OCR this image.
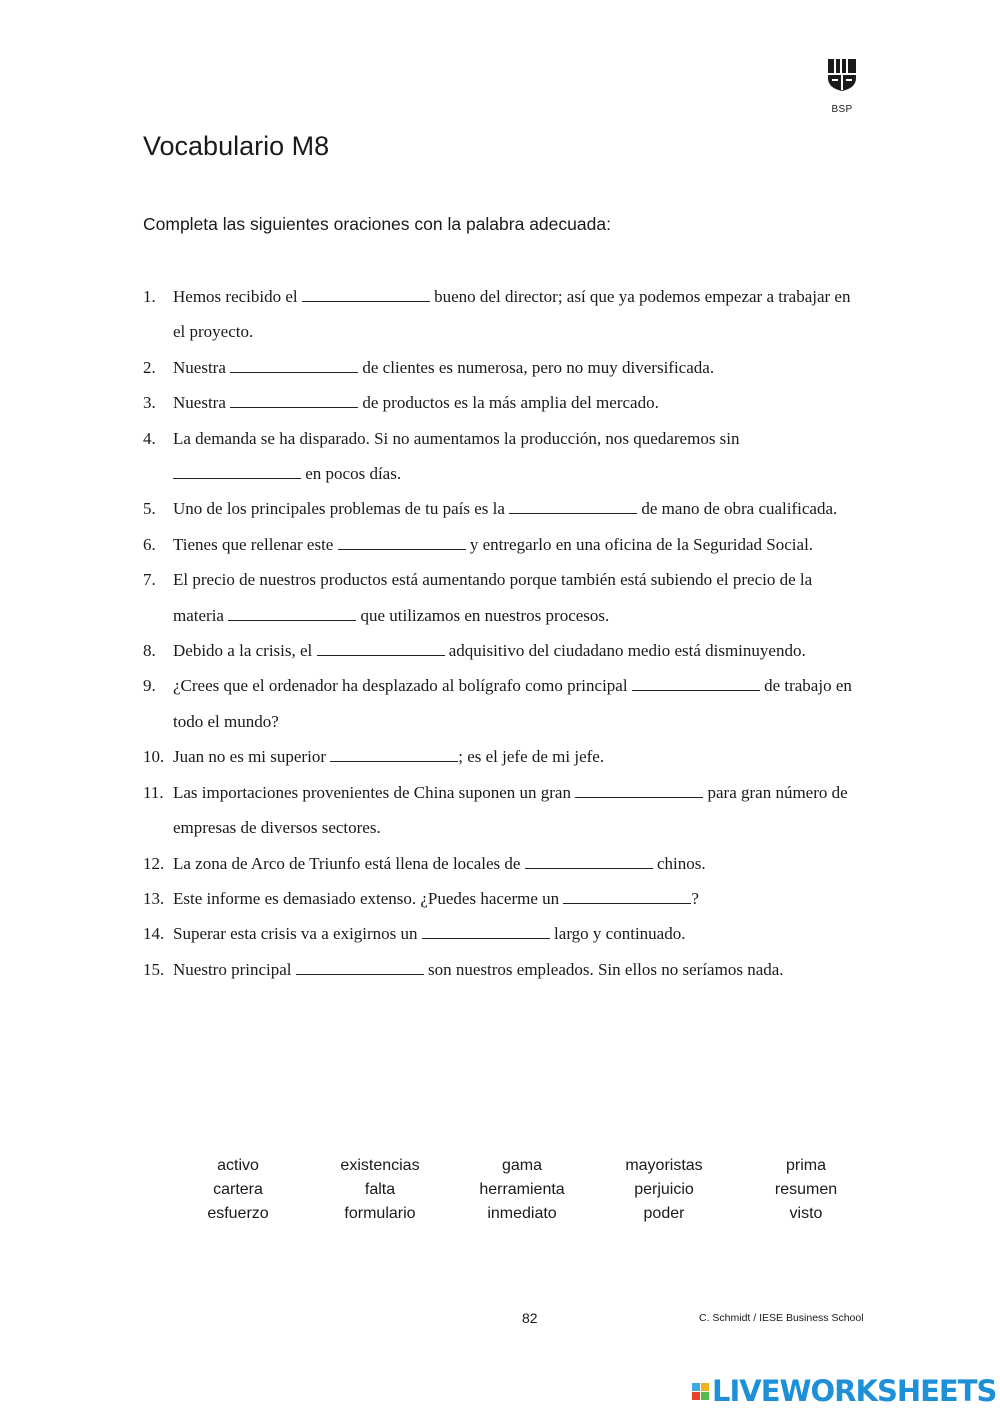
BSP
Vocabulario M8
Completa las siguientes oraciones con la palabra adecuada:
1.	Hemos recibido el	bueno del director; así que ya podemos empezar a trabajar en el proyecto.
2.	Nuestra	de clientes es numerosa, pero no muy diversificada.
3.	Nuestra	de productos es la más amplia del mercado.
4.	La demanda se ha disparado. Si no aumentamos la producción, nos quedaremos sin  en pocos días.
5.	Uno de los principales problemas de tu país es la	de mano de obra cualificada.
6.	Tienes que rellenar este	y entregarlo en una oficina de la Seguridad Social.
7.	El precio de nuestros productos está aumentando porque también está subiendo el precio de la materia	que utilizamos en nuestros procesos.
8.	Debido a la crisis, el	adquisitivo del ciudadano medio está disminuyendo.
9.	¿Crees que el ordenador ha desplazado al bolígrafo como principal	de trabajo en todo el mundo?
10. Juan no es mi superior	; es el jefe de mi jefe.
11. Las importaciones provenientes de China suponen un gran	para gran número de empresas de diversos sectores.
12. La zona de Arco de Triunfo está llena de locales de	chinos.
13. Este informe es demasiado extenso. ¿Puedes hacerme un	?
14. Superar esta crisis va a exigirnos un	largo y continuado.
15. Nuestro principal	son nuestros empleados. Sin ellos no seríamos nada.
activo	existencias	gama	mayoristas	prima
cartera	falta	herramienta	perjuicio	resumen
esfuerzo	formulario	inmediato	poder	visto
82	C. Schmidt / IESE Business School
LIVEWORKSHEETS
